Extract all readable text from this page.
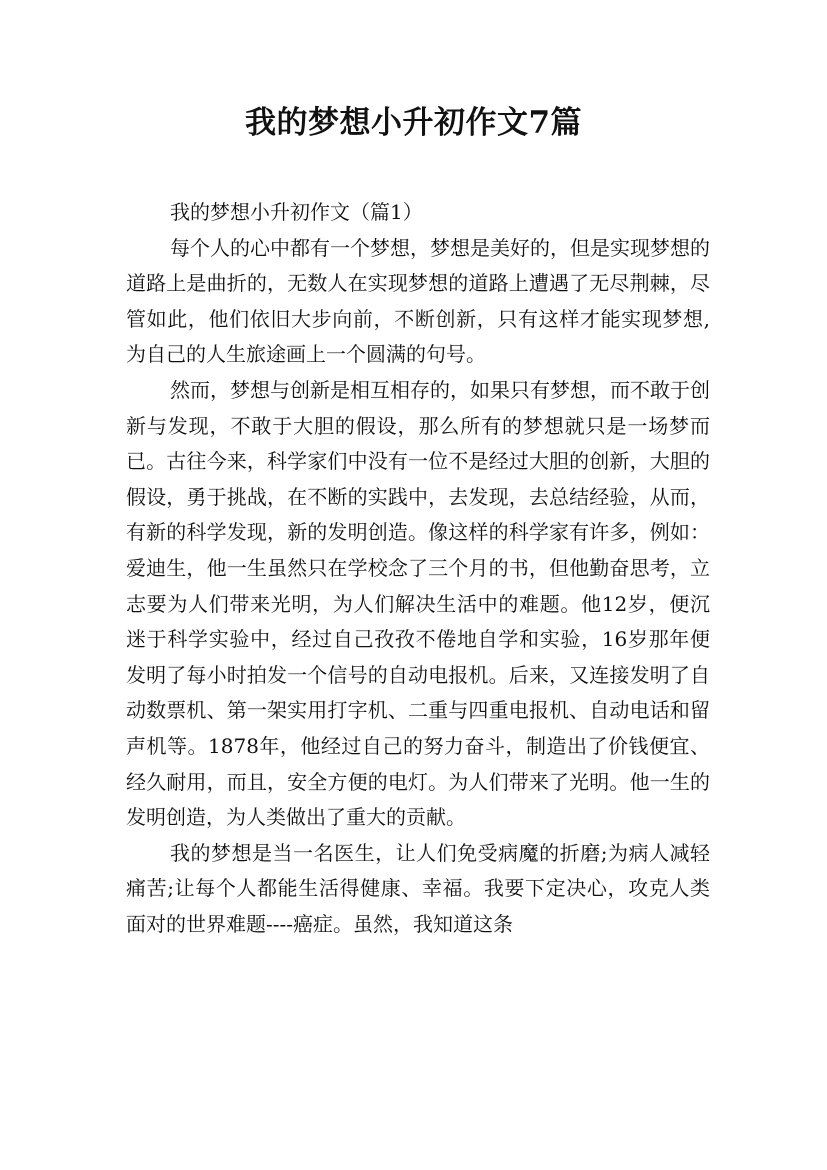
我的梦想小升初作文7篇

我的梦想小升初作文（篇1）

每个人的心中都有一个梦想，梦想是美好的，但是实现梦想的道路上是曲折的，无数人在实现梦想的道路上遭遇了无尽荆棘，尽管如此，他们依旧大步向前，不断创新，只有这样才能实现梦想,为自己的人生旅途画上一个圆满的句号。

然而，梦想与创新是相互相存的，如果只有梦想，而不敢于创新与发现，不敢于大胆的假设，那么所有的梦想就只是一场梦而已。古往今来，科学家们中没有一位不是经过大胆的创新，大胆的假设，勇于挑战，在不断的实践中，去发现，去总结经验，从而，有新的科学发现，新的发明创造。像这样的科学家有许多，例如：爱迪生，他一生虽然只在学校念了三个月的书，但他勤奋思考，立志要为人们带来光明，为人们解决生活中的难题。他12岁，便沉迷于科学实验中，经过自己孜孜不倦地自学和实验，16岁那年便发明了每小时拍发一个信号的自动电报机。后来，又连接发明了自动数票机、第一架实用打字机、二重与四重电报机、自动电话和留声机等。1878年，他经过自己的努力奋斗，制造出了价钱便宜、经久耐用，而且，安全方便的电灯。为人们带来了光明。他一生的发明创造，为人类做出了重大的贡献。

我的梦想是当一名医生，让人们免受病魔的折磨;为病人减轻痛苦;让每个人都能生活得健康、幸福。我要下定决心，攻克人类面对的世界难题----癌症。虽然，我知道这条
